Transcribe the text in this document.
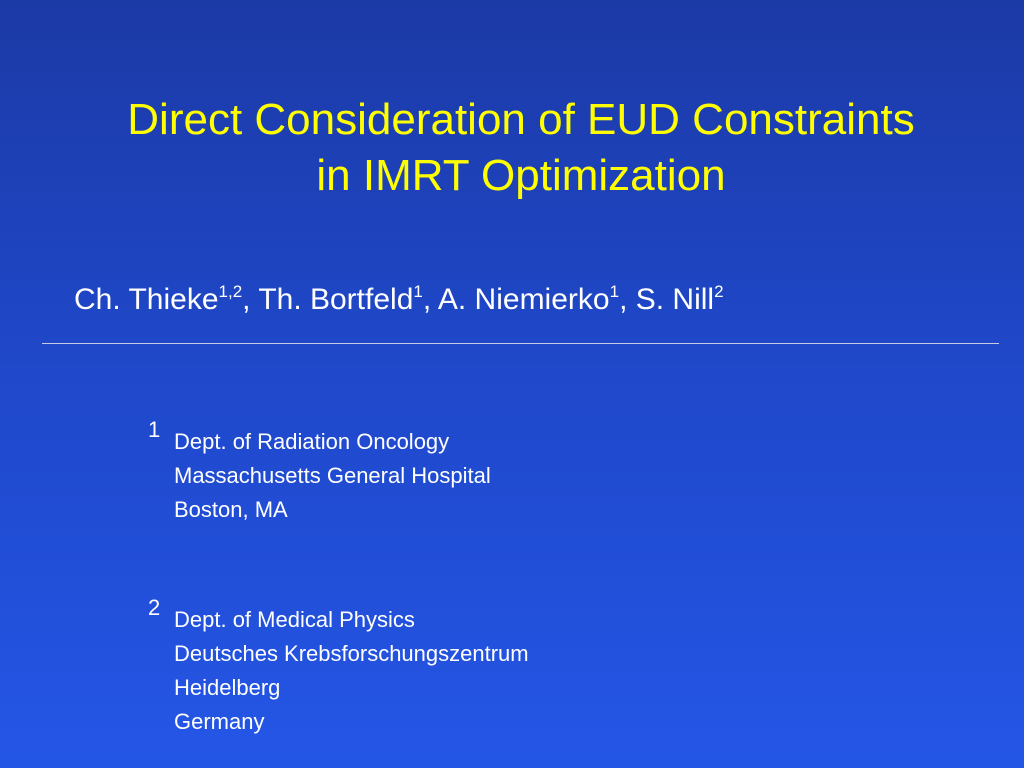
Direct Consideration of EUD Constraints
in IMRT Optimization
Ch. Thieke$^{1,2}$, Th. Bortfeld$^1$, A. Niemierko$^1$, S. Nill$^2$
1 Dept. of Radiation Oncology
Massachusetts General Hospital
Boston, MA
2 Dept. of Medical Physics
Deutsches Krebsforschungszentrum
Heidelberg
Germany
